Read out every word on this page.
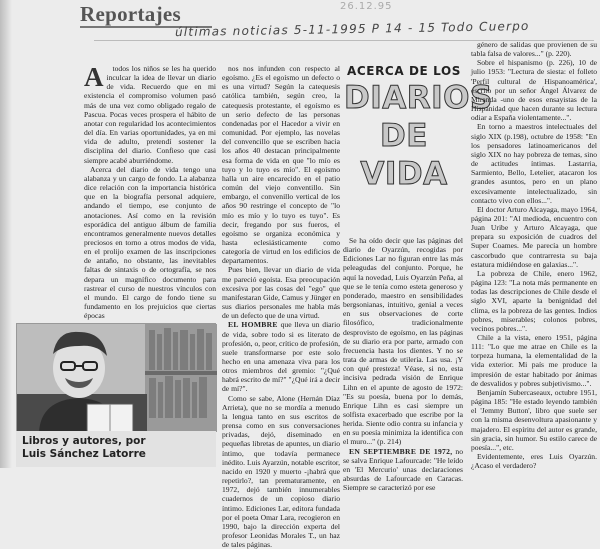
Reportajes	26.12.95
últimas noticias 5-11-1995 P 14 - 15 Todo Cuerpo
A	todos los niños se les ha querido inculcar la idea de llevar un diario de vida. Recuerdo que en mi existencia el compromiso volumen pasó más de una vez como obligado regalo de Pascua. Pocas veces prospera el hábito de anotar con regularidad los acontecimientos del día. En varias oportunidades, ya en mi vida de adulto, pretendí sostener la disciplina del diario. Confieso que casi siempre acabé aburriéndome.

Acerca del diario de vida tengo una alabanza y un cargo de fondo. La alabanza dice relación con la importancia histórica que en la biografía personal adquiere, andando el tiempo, ese conjunto de anotaciones. Así como en la revisión esporádica del antiguo álbum de familia encontramos generalmente nuevos detalles preciosos en torno a otros modos de vida, en el prolijo examen de las inscripciones de antaño, no obstante, las inevitables faltas de sintaxis o de ortografía, se nos depara un magnífico documento para rastrear el curso de nuestros vínculos con el mundo. El cargo de fondo tiene su fundamento en los prejuicios que ciertas épocas

nos nos infunden con respecto al egoísmo. ¿Es el egoísmo un defecto o es una virtud? Según la catequesis católica también, según creo, la catequesis protestante, el egoísmo es un serio defecto de las personas condenadas por el Hacedor a vivir en comunidad. Por ejemplo, las novelas del convencillo que se escriben hacia los años 40 destacan principalmente esa forma de vida en que "lo mío es tuyo y lo tuyo es mío". El egoísmo halla un aire encarecido en el patio común del viejo conventillo. Sin embargo, el convenillo vertical de los años 90 restringe el concepto de "lo mío es mío y lo tuyo es tuyo". Es decir, fregando por sus fueros, el egoísmo se organiza económica y hasta eclesiásticamente como categoría de virtud en los edificios de departamentos.

Pues bien, llevar un diario de vida me pareció egoísta. Esa preocupación excesiva por las cosas del "ego" que manifestaran Gide, Camus y Jünger en sus diarios personales me habla más de un defecto que de una virtud.

EL HOMBRE que lleva un diario de vida, sobre todo si es literato de profesión, o, peor, crítico de profesión, suele transformarse por este solo hecho en una amenaza viva para los otros miembros del gremio: "¿Qué habrá escrito de mí?" "¿Qué irá a decir de mí?".

Como se sabe, Alone (Hernán Díaz Arrieta), que no se mordía a menudo la lengua tanto en sus escritos de prensa como en sus conversaciones privadas, dejó, diseminado en pequeñas libretas de apuntes, un diario íntimo, que todavía permanece inédito. Luis Ayarzún, notable escritor, nacido en 1920 y muerto -¡habrá que repetirlo?, tan prematuramente, en 1972, dejó también innumerables cuadernos de un copioso diario íntimo. Ediciones Lar, editora fundada por el poeta Omar Lara, recogieron en 1990, bajo la dirección experta del profesor Leonidas Morales T., un haz de tales páginas.

ACERCA DE LOS
DIARIOS
DE
VIDA

Se ha oído decir que las páginas del diario de Oyarzún, recogidas por Ediciones Lar no figuran entre las más peleagudas del conjunto. Porque, he aquí la novedad, Luis Oyarzún Peña, al que se le tenía como esteta generoso y ponderado, maestro en sensibilidades bergsonianas, intuitivo, genial a veces en sus observaciones de corte filosófico, tradicionalmente desprovisto de egoísmo, en las páginas de su diario era por parte, armado con frecuencia hasta los dientes. Y no se trata de armas de utilería. Las usa. ¡Y con qué presteza! Véase, si no, esta incisiva pedrada visión de Enrique Lihn en el apunte de agosto de 1972: "Es su poesía, buena por lo demás, Enrique Lihn es casi siempre un solfista exacerbado que escribe por la herida. Siente odio contra su infancia y en su poesía minimiza la identifica con el muro..." (p. 214)

EN SEPTIEMBRE DE 1972, no se salva Enrique Lafourcade: "He leído en 'El Mercurio' unas declaraciones absurdas de Lafourcade en Caracas. Siempre se caracterizó por ese

género de salidas que provienen de su tabla falsa de valores..." (p. 220).

Sobre el hispanismo (p. 226), 10 de julio 1953: "Lectura de siesta: el folleto 'Perfil cultural de Hispanoamérica', escrito por un señor Ángel Álvarez de Miranda -uno de esos ensayistas de la Hispanidad que hacen durante su lectura odiar a España violentamente...".

En torno a maestros intelectuales del siglo XIX (p.198), octubre de 1958: "En los pensadores latinoamericanos del siglo XIX no hay pobreza de temas, sino de actitudes íntimas. Lastarria, Sarmiento, Bello, Letelier, atacaron los grandes asuntos, pero en un plano excesivamente intelectualizado, sin contacto vivo con ellos...".

El doctor Arturo Alcayaga, mayo 1964, página 201: "Al medioda, encuentro con Juan Uribe y Arturo Alcayaga, que prepara su exposición de cuadros del Super Coames. Me parecía un hombre cascorbudo que contrarresta su baja estatura midiéndose en galaxias...".

La pobreza de Chile, enero 1962, página 123: "La nota más permanente en todas las descripciones de Chile desde el siglo XVI, aparte la benignidad del clima, es la pobreza de las gentes. Indios pobres, miserables; colonos pobres, vecinos pobres...".

Chile a la vista, enero 1951, página 111: "Lo que me atrae en Chile es la torpeza humana, la elementalidad de la vida exterior. Mi país me produce la impresión de estar habitado por ánimas de desvalidos y pobres subjetivismo...".

Benjamín Subercaseaux, octubre 1951, página 185: "He estado leyendo también el 'Jemmy Button', libro que suele ser con la misma desenvoltura apasionante y majadero. El espíritu del autor es grande, sin gracia, sin humor. Su estilo carece de poesía...", etc.

Evidentemente, eres Luis Oyarzún. ¿Acaso el verdadero?

Libros y autores, por
Luis Sánchez Latorre
